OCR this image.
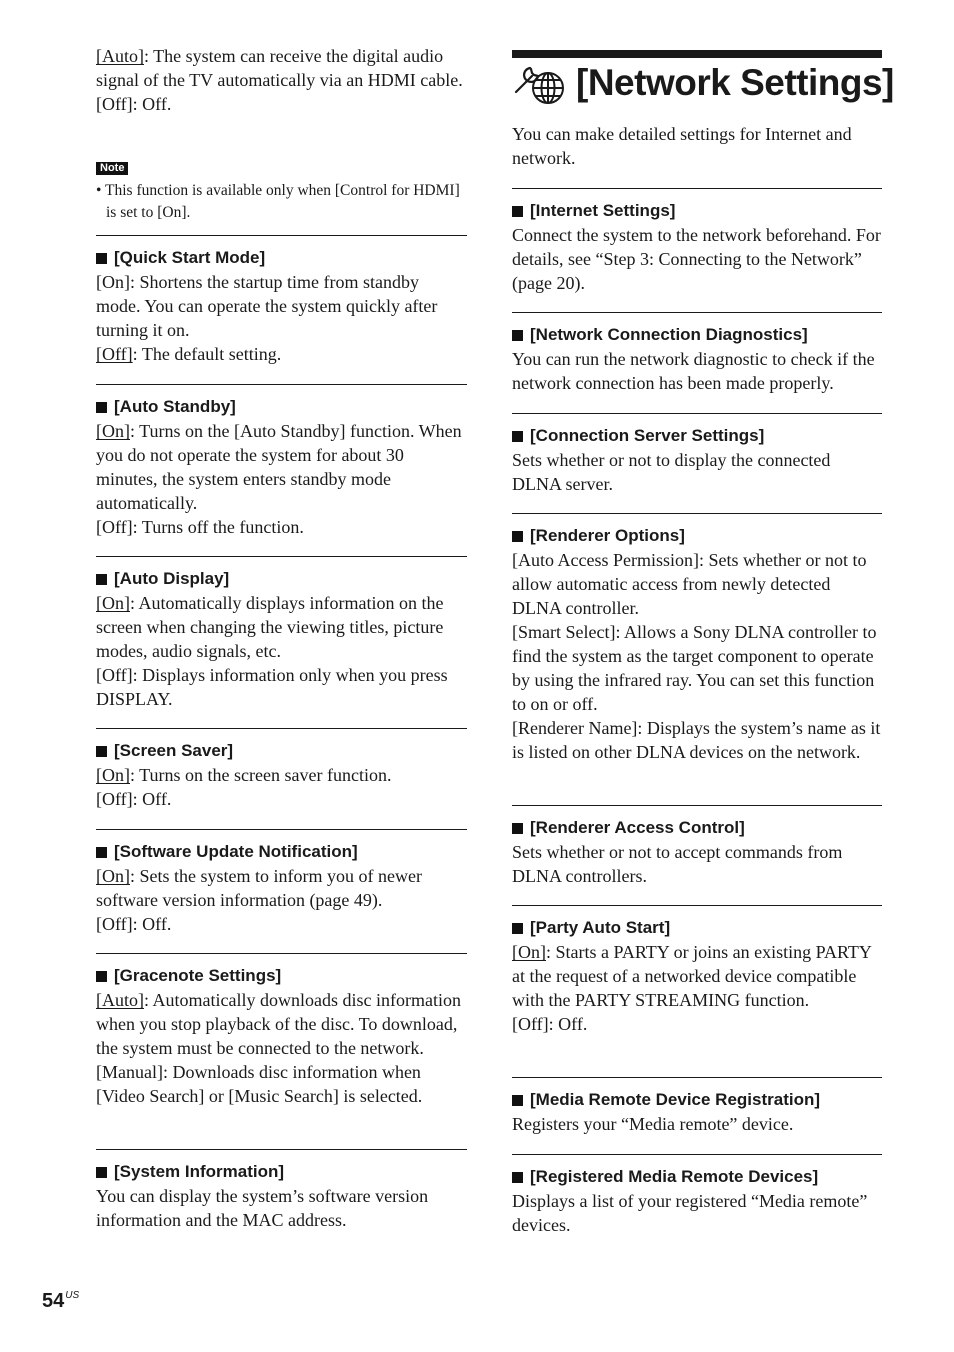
[Auto]: The system can receive the digital audio signal of the TV automatically via an HDMI cable.

[Off]: Off.

Note

• This function is available only when [Control for HDMI] is set to [On].

[Quick Start Mode]

[On]: Shortens the startup time from standby mode. You can operate the system quickly after turning it on.

[Off]: The default setting.

[Auto Standby]

[On]: Turns on the [Auto Standby] function. When you do not operate the system for about 30 minutes, the system enters standby mode automatically.

[Off]: Turns off the function.

[Auto Display]

[On]: Automatically displays information on the screen when changing the viewing titles, picture modes, audio signals, etc.

[Off]: Displays information only when you press DISPLAY.

[Screen Saver]

[On]: Turns on the screen saver function.

[Off]: Off.

[Software Update Notification]

[On]: Sets the system to inform you of newer software version information (page 49).

[Off]: Off.

[Gracenote Settings]

[Auto]: Automatically downloads disc information when you stop playback of the disc. To download, the system must be connected to the network.

[Manual]: Downloads disc information when [Video Search] or [Music Search] is selected.

[System Information]

You can display the system’s software version information and the MAC address.

[Network Settings]

You can make detailed settings for Internet and network.

[Internet Settings]

Connect the system to the network beforehand. For details, see “Step 3: Connecting to the Network” (page 20).

[Network Connection Diagnostics]

You can run the network diagnostic to check if the network connection has been made properly.

[Connection Server Settings]

Sets whether or not to display the connected DLNA server.

[Renderer Options]

[Auto Access Permission]: Sets whether or not to allow automatic access from newly detected DLNA controller.

[Smart Select]: Allows a Sony DLNA controller to find the system as the target component to operate by using the infrared ray. You can set this function to on or off.

[Renderer Name]: Displays the system’s name as it is listed on other DLNA devices on the network.

[Renderer Access Control]

Sets whether or not to accept commands from DLNA controllers.

[Party Auto Start]

[On]: Starts a PARTY or joins an existing PARTY at the request of a networked device compatible with the PARTY STREAMING function.

[Off]: Off.

[Media Remote Device Registration]

Registers your “Media remote” device.

[Registered Media Remote Devices]

Displays a list of your registered “Media remote” devices.

$54^{US}$
